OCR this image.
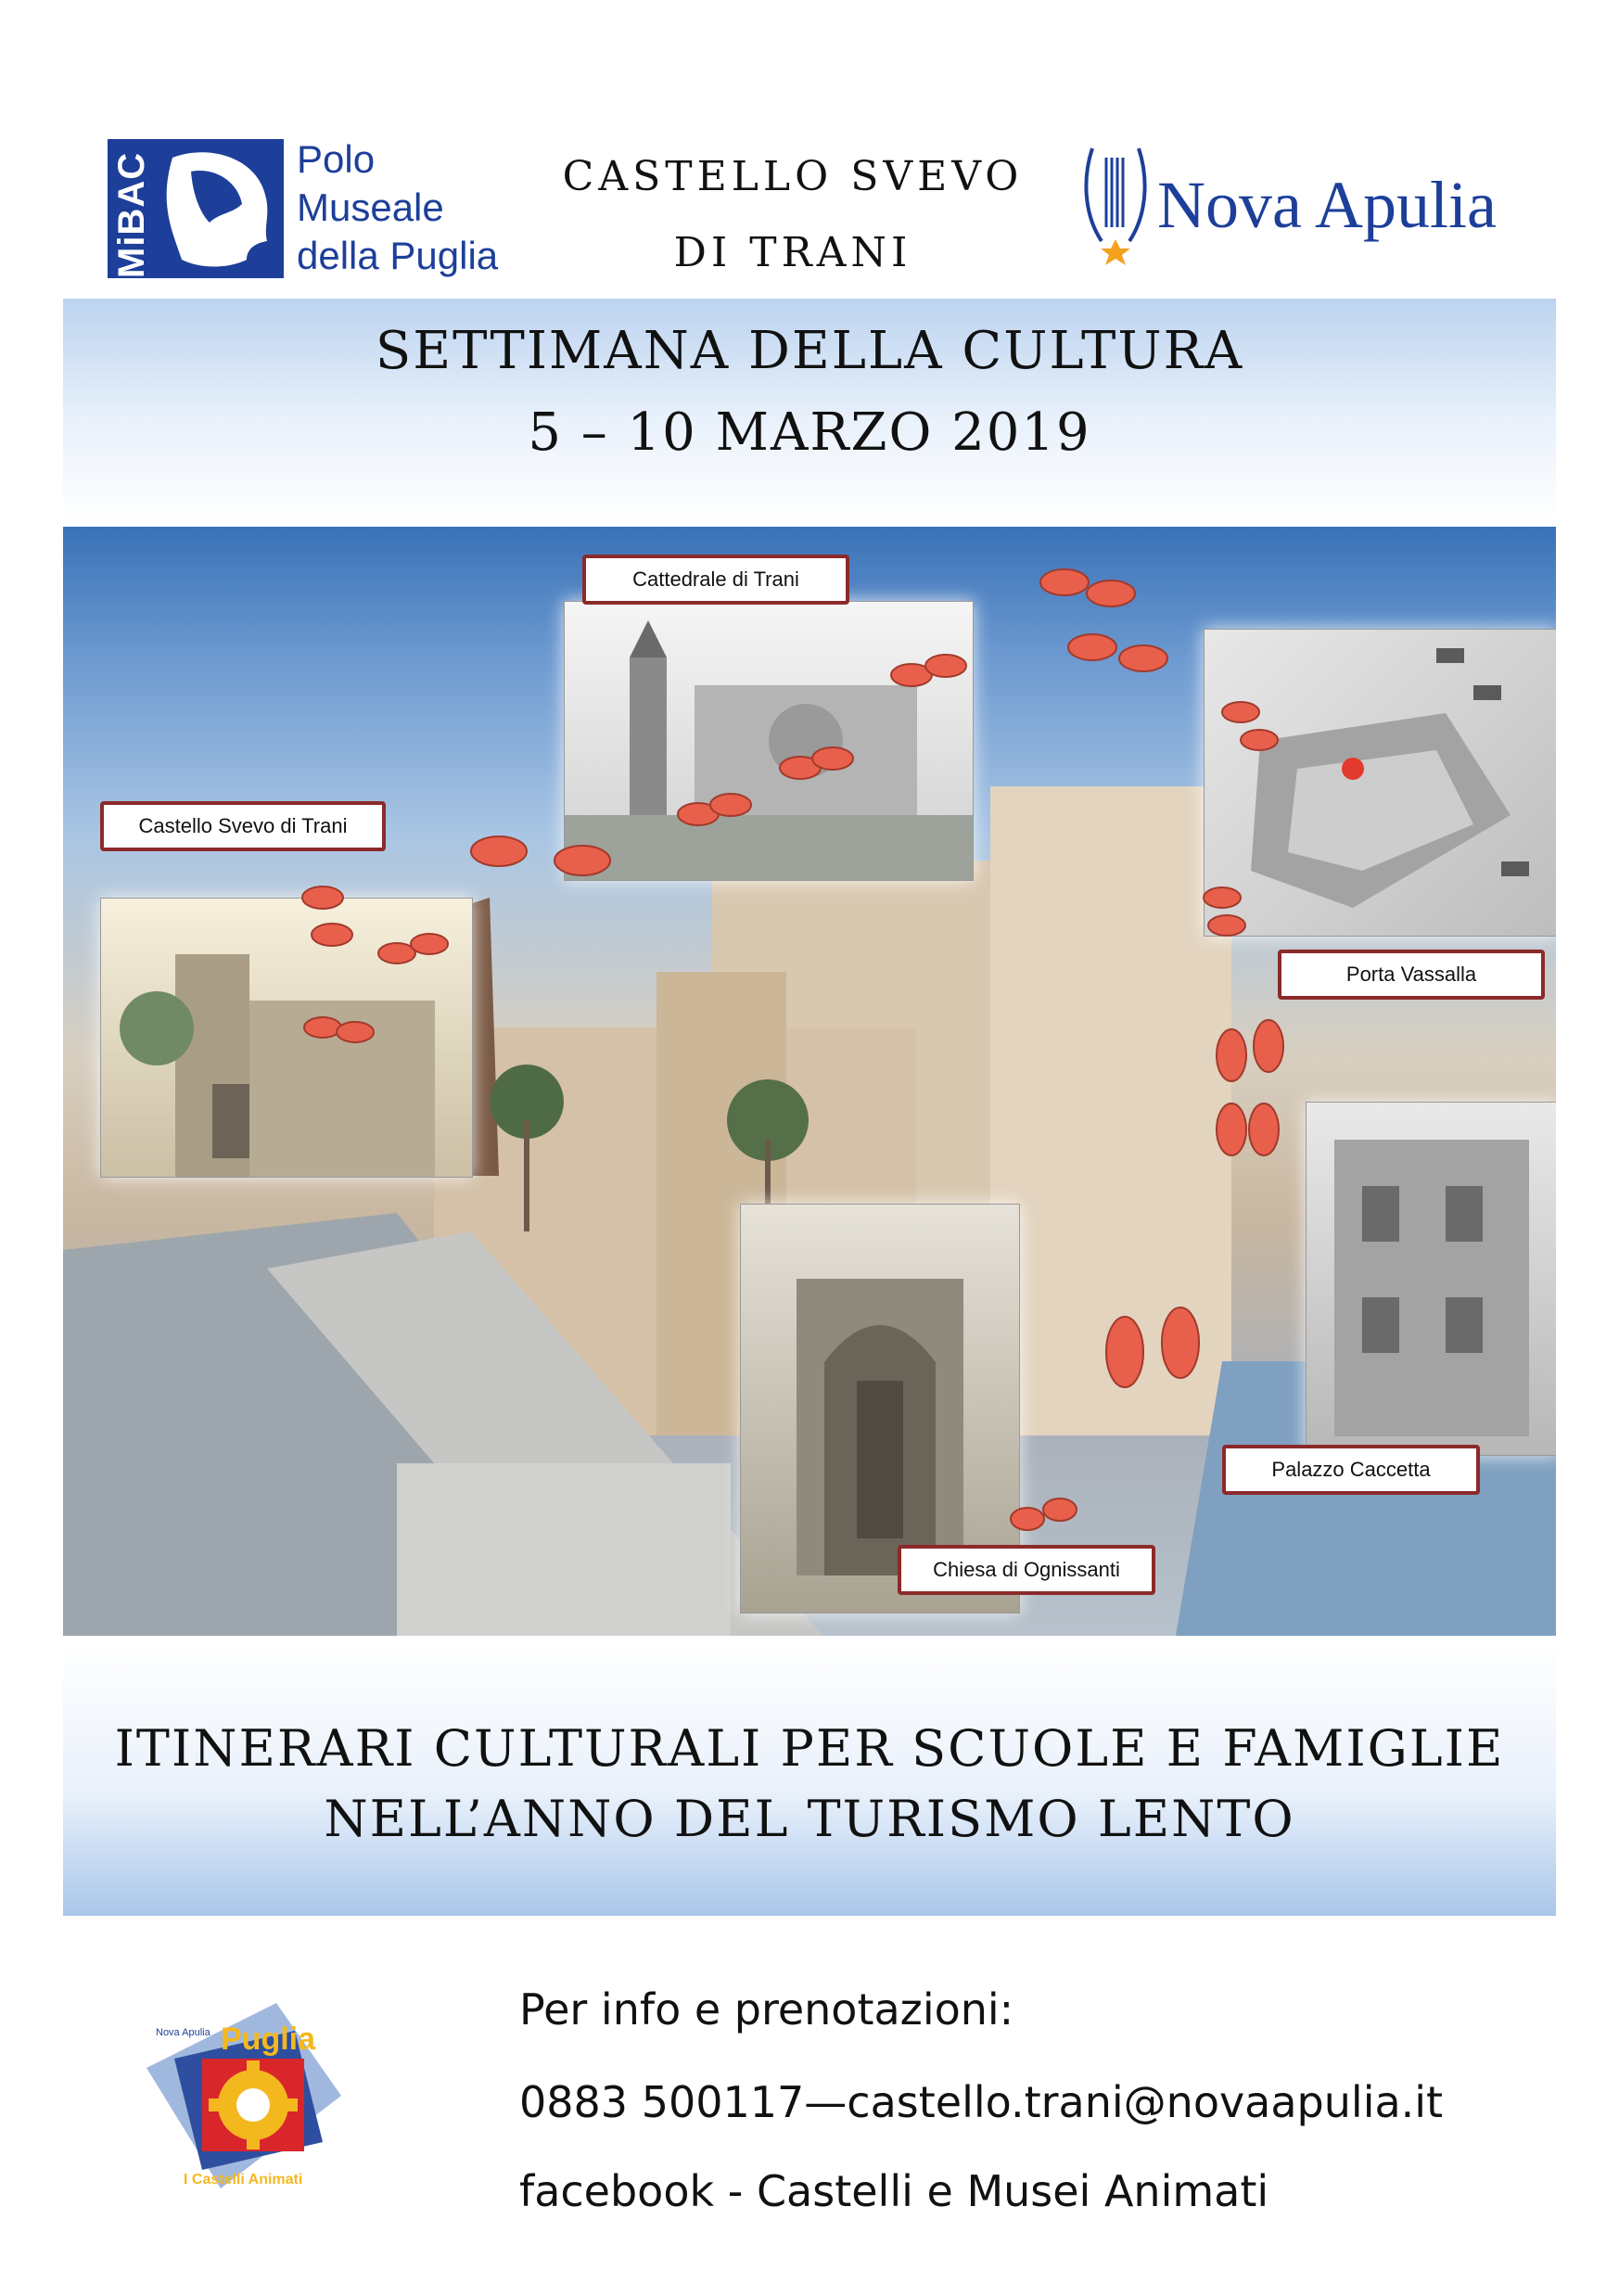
MiBAC	Polo
Museale
della Puglia
CASTELLO SVEVO
DI TRANI
Nova Apulia
SETTIMANA DELLA CULTURA
5 – 10 MARZO 2019
Cattedrale di Trani
Castello Svevo di Trani
Porta Vassalla
Palazzo Caccetta
Chiesa di Ognissanti
ITINERARI CULTURALI PER SCUOLE E FAMIGLIE
NELL’ANNO DEL TURISMO LENTO
Puglia
I Castelli Animati
Nova Apulia	Per info e prenotazioni:
0883 500117—castello.trani@novaapulia.it
facebook - Castelli e Musei Animati
